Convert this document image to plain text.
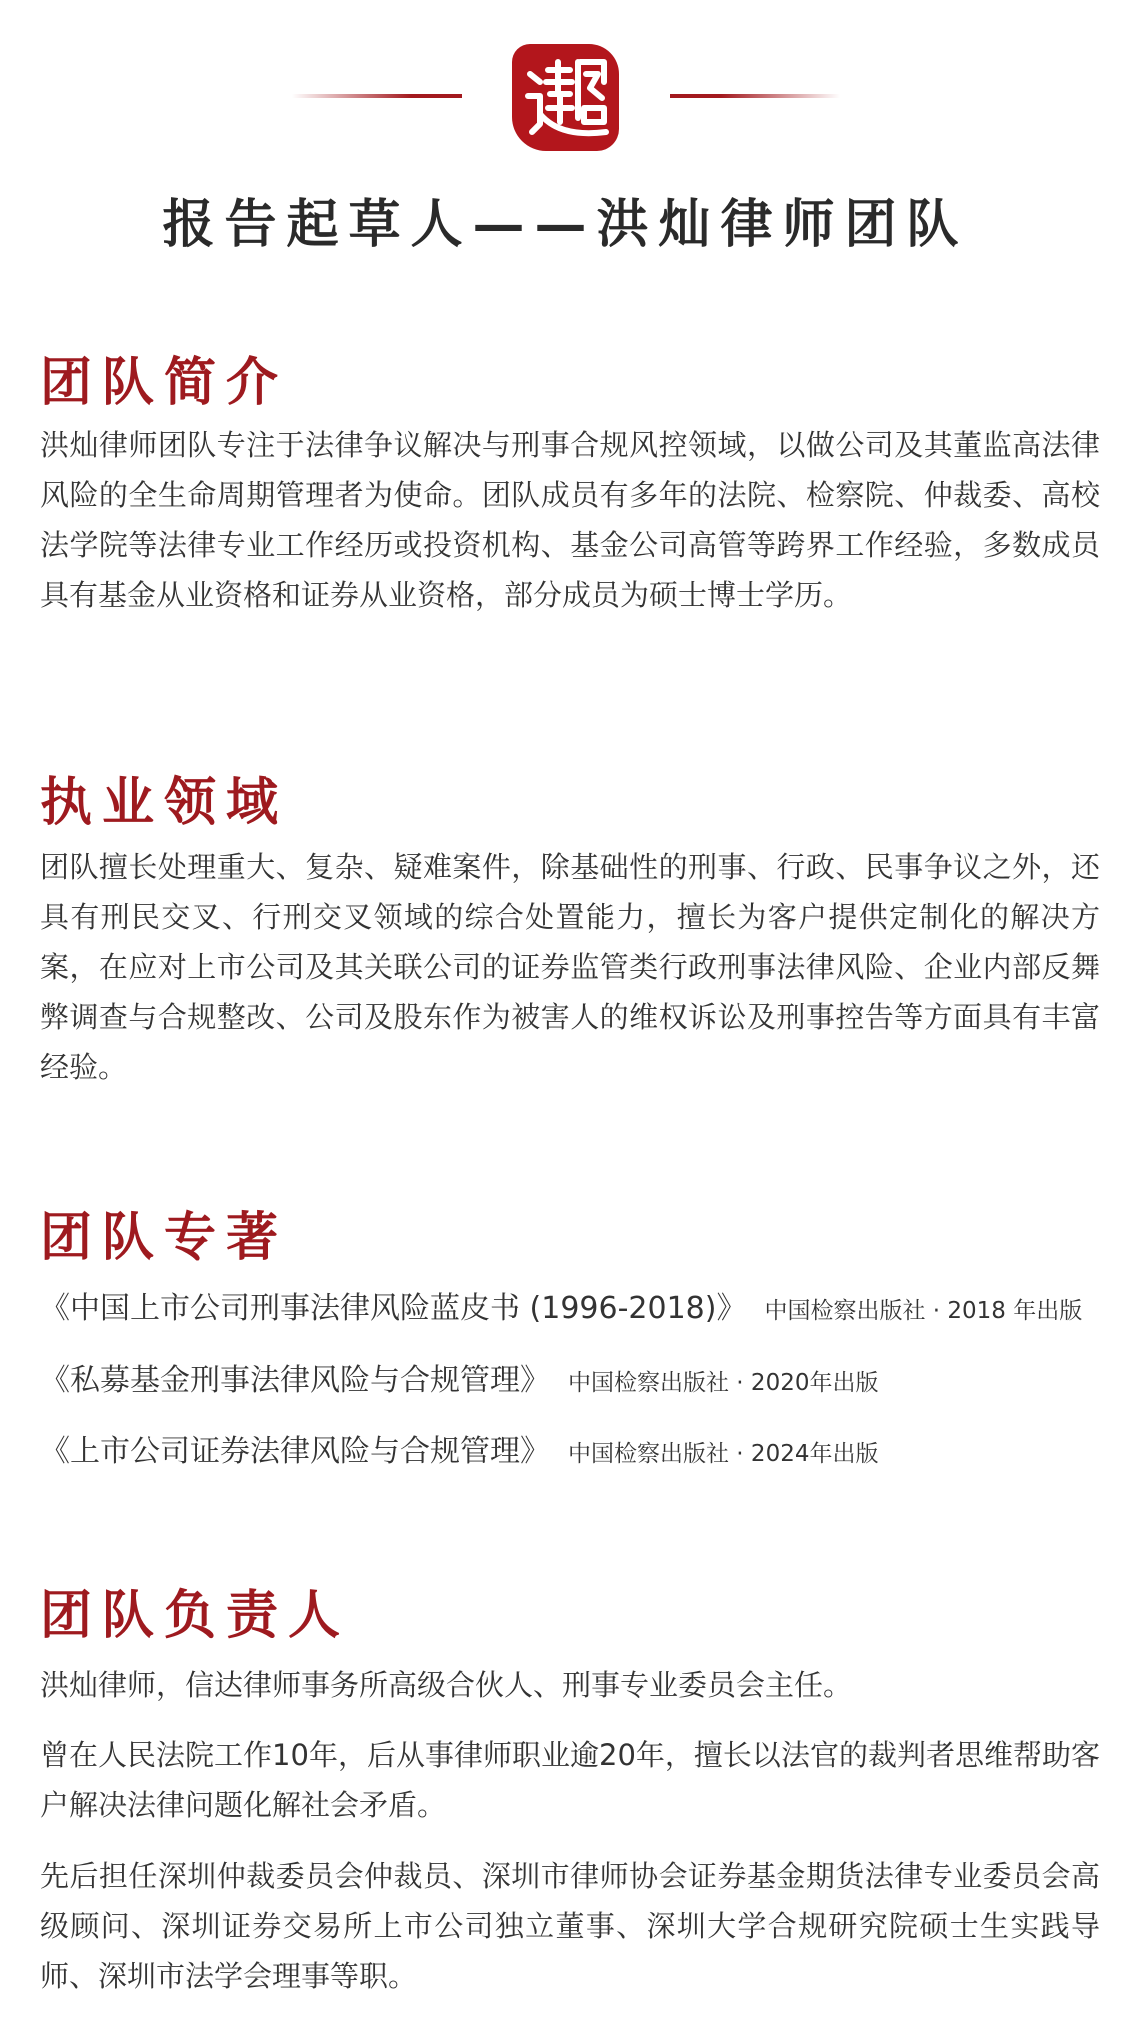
报告起草人——洪灿律师团队
团队简介
洪灿律师团队专注于法律争议解决与刑事合规风控领域，以做公司及其董监高法律风险的全生命周期管理者为使命。团队成员有多年的法院、检察院、仲裁委、高校法学院等法律专业工作经历或投资机构、基金公司高管等跨界工作经验，多数成员具有基金从业资格和证券从业资格，部分成员为硕士博士学历。
执业领域
团队擅长处理重大、复杂、疑难案件，除基础性的刑事、行政、民事争议之外，还具有刑民交叉、行刑交叉领域的综合处置能力，擅长为客户提供定制化的解决方案，在应对上市公司及其关联公司的证券监管类行政刑事法律风险、企业内部反舞弊调查与合规整改、公司及股东作为被害人的维权诉讼及刑事控告等方面具有丰富经验。
团队专著
《中国上市公司刑事法律风险蓝皮书 (1996-2018)》 中国检察出版社 · 2018 年出版
《私募基金刑事法律风险与合规管理》 中国检察出版社 · 2020年出版
《上市公司证券法律风险与合规管理》 中国检察出版社 · 2024年出版
团队负责人
洪灿律师，信达律师事务所高级合伙人、刑事专业委员会主任。
曾在人民法院工作10年，后从事律师职业逾20年，擅长以法官的裁判者思维帮助客户解决法律问题化解社会矛盾。
先后担任深圳仲裁委员会仲裁员、深圳市律师协会证券基金期货法律专业委员会高级顾问、深圳证券交易所上市公司独立董事、深圳大学合规研究院硕士生实践导师、深圳市法学会理事等职。
